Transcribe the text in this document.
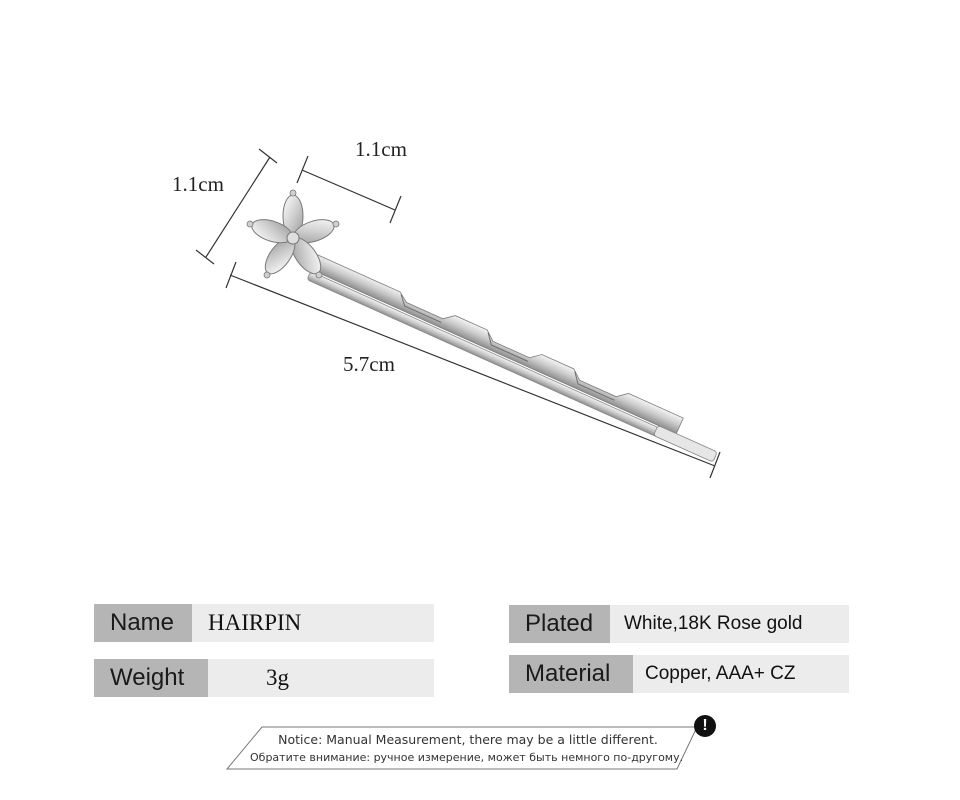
1.1cm
1.1cm
5.7cm
Name	HAIRPIN
Weight	3g
Plated	White,18K Rose gold
Material	Copper, AAA+ CZ
!
Notice: Manual Measurement, there may be a little different.
Обратите внимание: ручное измерение, может быть немного по-другому.
